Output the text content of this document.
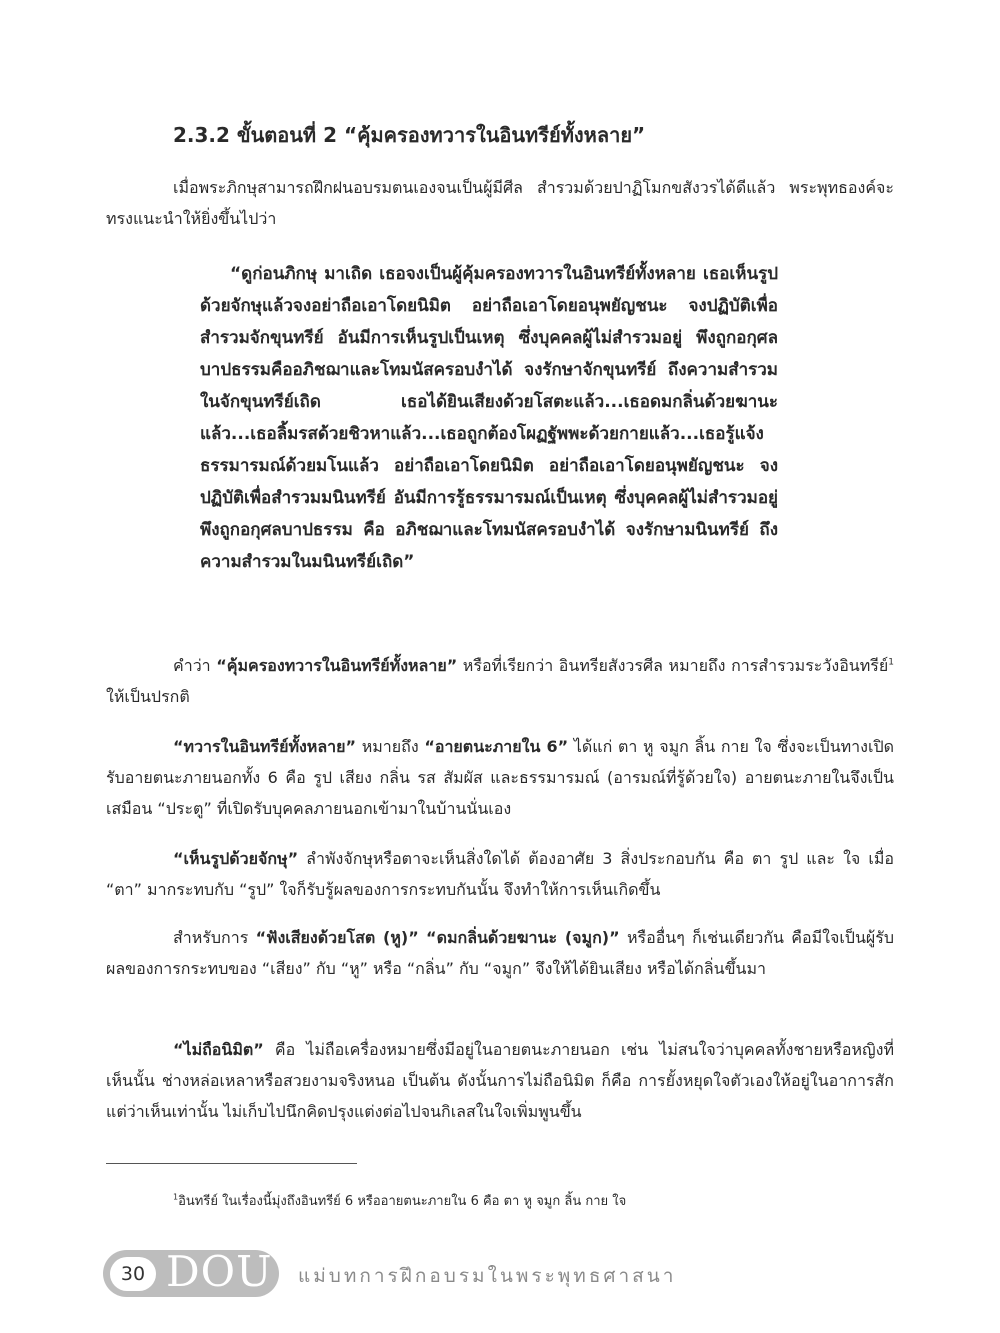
2.3.2 ขั้นตอนที่ 2 “คุ้มครองทวารในอินทรีย์ทั้งหลาย”

เมื่อพระภิกษุสามารถฝึกฝนอบรมตนเองจนเป็นผู้มีศีล สำรวมด้วยปาฏิโมกขสังวรได้ดีแล้ว พระพุทธองค์จะทรงแนะนำให้ยิ่งขึ้นไปว่า

“ดูก่อนภิกษุ มาเถิด เธอจงเป็นผู้คุ้มครองทวารในอินทรีย์ทั้งหลาย เธอเห็นรูปด้วยจักษุแล้วจงอย่าถือเอาโดยนิมิต อย่าถือเอาโดยอนุพยัญชนะ จงปฏิบัติเพื่อสำรวมจักขุนทรีย์ อันมีการเห็นรูปเป็นเหตุ ซึ่งบุคคลผู้ไม่สำรวมอยู่ พึงถูกอกุศลบาปธรรมคืออภิชฌาและโทมนัสครอบงำได้ จงรักษาจักขุนทรีย์ ถึงความสำรวมในจักขุนทรีย์เถิด เธอได้ยินเสียงด้วยโสตะแล้ว...เธอดมกลิ่นด้วยฆานะแล้ว...เธอลิ้มรสด้วยชิวหาแล้ว...เธอถูกต้องโผฏฐัพพะด้วยกายแล้ว...เธอรู้แจ้งธรรมารมณ์ด้วยมโนแล้ว อย่าถือเอาโดยนิมิต อย่าถือเอาโดยอนุพยัญชนะ จงปฏิบัติเพื่อสำรวมมนินทรีย์ อันมีการรู้ธรรมารมณ์เป็นเหตุ ซึ่งบุคคลผู้ไม่สำรวมอยู่ พึงถูกอกุศลบาปธรรม คือ อภิชฌาและโทมนัสครอบงำได้ จงรักษามนินทรีย์ ถึงความสำรวมในมนินทรีย์เถิด”

คำว่า “คุ้มครองทวารในอินทรีย์ทั้งหลาย” หรือที่เรียกว่า อินทรียสังวรศีล หมายถึง การสำรวมระวังอินทรีย์$^1$ ให้เป็นปรกติ

“ทวารในอินทรีย์ทั้งหลาย” หมายถึง “อายตนะภายใน 6” ได้แก่ ตา หู จมูก ลิ้น กาย ใจ ซึ่งจะเป็นทางเปิดรับอายตนะภายนอกทั้ง 6 คือ รูป เสียง กลิ่น รส สัมผัส และธรรมารมณ์ (อารมณ์ที่รู้ด้วยใจ) อายตนะภายในจึงเป็นเสมือน “ประตู” ที่เปิดรับบุคคลภายนอกเข้ามาในบ้านนั่นเอง

“เห็นรูปด้วยจักษุ” ลำพังจักษุหรือตาจะเห็นสิ่งใดได้ ต้องอาศัย 3 สิ่งประกอบกัน คือ ตา รูป และ ใจ เมื่อ “ตา” มากระทบกับ “รูป” ใจก็รับรู้ผลของการกระทบกันนั้น จึงทำให้การเห็นเกิดขึ้น

สำหรับการ “ฟังเสียงด้วยโสต (หู)” “ดมกลิ่นด้วยฆานะ (จมูก)” หรืออื่นๆ ก็เช่นเดียวกัน คือมีใจเป็นผู้รับผลของการกระทบของ “เสียง” กับ “หู” หรือ “กลิ่น” กับ “จมูก” จึงให้ได้ยินเสียง หรือได้กลิ่นขึ้นมา

“ไม่ถือนิมิต” คือ ไม่ถือเครื่องหมายซึ่งมีอยู่ในอายตนะภายนอก เช่น ไม่สนใจว่าบุคคลทั้งชายหรือหญิงที่เห็นนั้น ช่างหล่อเหลาหรือสวยงามจริงหนอ เป็นต้น ดังนั้นการไม่ถือนิมิต ก็คือ การยั้งหยุดใจตัวเองให้อยู่ในอาการสักแต่ว่าเห็นเท่านั้น ไม่เก็บไปนึกคิดปรุงแต่งต่อไปจนกิเลสในใจเพิ่มพูนขึ้น

$^1$อินทรีย์ ในเรื่องนี้มุ่งถึงอินทรีย์ 6 หรืออายตนะภายใน 6 คือ ตา หู จมูก ลิ้น กาย ใจ
30 DOU แม่บทการฝึกอบรมในพระพุทธศาสนา
